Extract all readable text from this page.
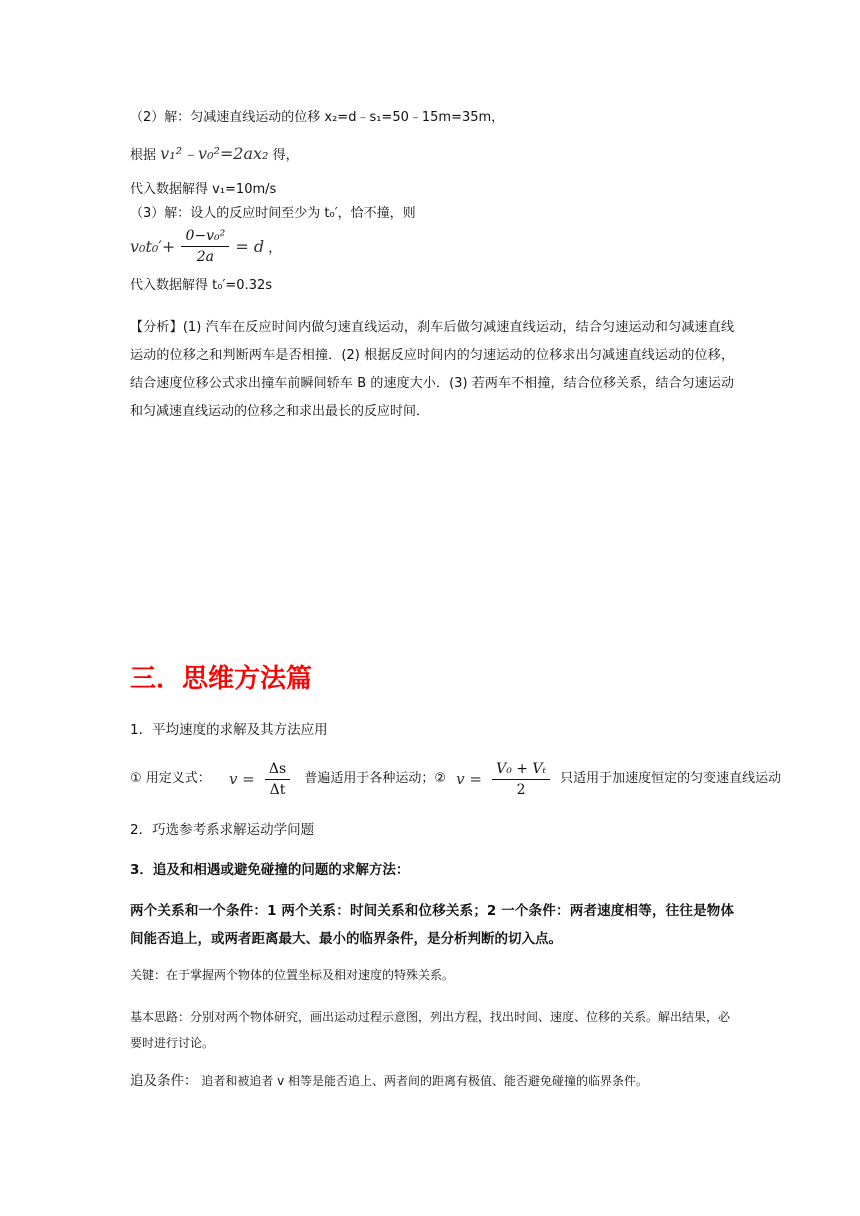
（2）解：匀减速直线运动的位移 x₂=d﹣s₁=50﹣15m=35m，
根据 v₁²﹣v₀²=2ax₂ 得，
代入数据解得 v₁=10m/s
（3）解：设人的反应时间至少为 t₀′，恰不撞，则
$v_0t_0'+ \frac{\text{0−v₀²}}{2a} = d$ ，
代入数据解得 t₀′=0.32s
【分析】(1) 汽车在反应时间内做匀速直线运动，刹车后做匀减速直线运动，结合匀速运动和匀减速直线运动的位移之和判断两车是否相撞．(2) 根据反应时间内的匀速运动的位移求出匀减速直线运动的位移，结合速度位移公式求出撞车前瞬间轿车 B 的速度大小．(3) 若两车不相撞，结合位移关系，结合匀速运动和匀减速直线运动的位移之和求出最长的反应时间．
三．思维方法篇
1．平均速度的求解及其方法应用
① 用定义式： $v = \frac{\Delta s}{\Delta t}$ 普遍适用于各种运动；② $v = \frac{\text{V₀ + Vₜ}}{2}$ 只适用于加速度恒定的匀变速直线运动
2．巧选参考系求解运动学问题
3．追及和相遇或避免碰撞的问题的求解方法：
两个关系和一个条件：1 两个关系：时间关系和位移关系；2 一个条件：两者速度相等，往往是物体间能否追上，或两者距离最大、最小的临界条件，是分析判断的切入点。
关键：在于掌握两个物体的位置坐标及相对速度的特殊关系。
基本思路：分别对两个物体研究，画出运动过程示意图，列出方程，找出时间、速度、位移的关系。解出结果，必要时进行讨论。
追及条件： 追者和被追者 v 相等是能否追上、两者间的距离有极值、能否避免碰撞的临界条件。
